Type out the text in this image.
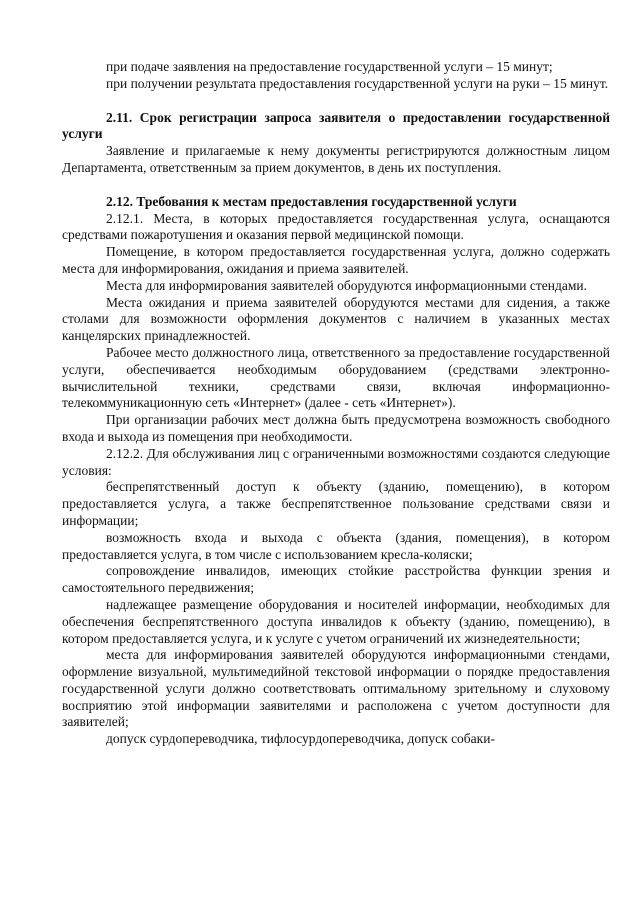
при подаче заявления на предоставление государственной услуги – 15 минут;

при получении результата предоставления государственной услуги на руки – 15 минут.

2.11. Срок регистрации запроса заявителя о предоставлении государственной услуги

Заявление и прилагаемые к нему документы регистрируются должностным лицом Департамента, ответственным за прием документов, в день их поступления.

2.12. Требования к местам предоставления государственной услуги

2.12.1. Места, в которых предоставляется государственная услуга, оснащаются средствами пожаротушения и оказания первой медицинской помощи.

Помещение, в котором предоставляется государственная услуга, должно содержать места для информирования, ожидания и приема заявителей.

Места для информирования заявителей оборудуются информационными стендами.

Места ожидания и приема заявителей оборудуются местами для сидения, а также столами для возможности оформления документов с наличием в указанных местах канцелярских принадлежностей.

Рабочее место должностного лица, ответственного за предоставление государственной услуги, обеспечивается необходимым оборудованием (средствами электронно-вычислительной техники, средствами связи, включая информационно-телекоммуникационную сеть «Интернет» (далее - сеть «Интернет»).

При организации рабочих мест должна быть предусмотрена возможность свободного входа и выхода из помещения при необходимости.

2.12.2. Для обслуживания лиц с ограниченными возможностями создаются следующие условия:

беспрепятственный доступ к объекту (зданию, помещению), в котором предоставляется услуга, а также беспрепятственное пользование средствами связи и информации;

возможность входа и выхода с объекта (здания, помещения), в котором предоставляется услуга, в том числе с использованием кресла-коляски;

сопровождение инвалидов, имеющих стойкие расстройства функции зрения и самостоятельного передвижения;

надлежащее размещение оборудования и носителей информации, необходимых для обеспечения беспрепятственного доступа инвалидов к объекту (зданию, помещению), в котором предоставляется услуга, и к услуге с учетом ограничений их жизнедеятельности;

места для информирования заявителей оборудуются информационными стендами, оформление визуальной, мультимедийной текстовой информации о порядке предоставления государственной услуги должно соответствовать оптимальному зрительному и слуховому восприятию этой информации заявителями и расположена с учетом доступности для заявителей;

допуск сурдопереводчика, тифлосурдопереводчика, допуск собаки-
